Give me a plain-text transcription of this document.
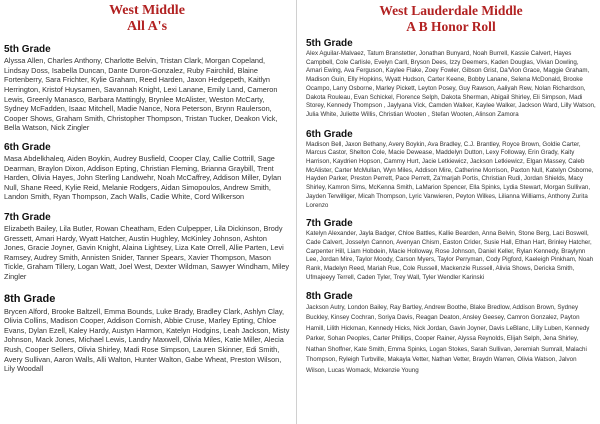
West Middle
All A's

5th Grade

Alyssa Allen, Charles Anthony, Charlotte Belvin, Tristan Clark, Morgan Copeland, Lindsay Doss, Isabella Duncan, Dante Duron-Gonzalez, Ruby Fairchild, Blaine Fortenberry, Sara Frichter, Kylie Graham, Reed Harden, Jaxon Hedgepeth, Kaitlyn Herrington, Kristof Huysamen, Savannah Knight, Lexi Lanane, Emily Land, Cameron Lewis, Greenly Manasco, Barbara Mattingly, Brynlee McAlister, Weston McCarty, Sydney McFadden, Isaac Mitchell, Madie Nance, Nora Peterson, Brynn Raulerson, Cooper Shows, Graham Smith, Christopher Thompson, Tristan Tucker, Deakon Vick, Bella Watson, Nick Zingler

6th Grade

Masa Abdelkhaleq, Aiden Boykin, Audrey Busfield, Cooper Clay, Callie Cottrill, Sage Dearman, Braylon Dixon, Addison Epting, Christian Fleming, Brianna Graybill, Trent Harden, Olivia Hayes, John Sterling Landwehr, Noah McCaffrey, Addison Miller, Dylan Null, Shane Reed, Kylie Reid, Melanie Rodgers, Aidan Simopoulos, Andrew Smith, Landon Smith, Ryan Thompson, Zach Walls, Cadie White, Cord Wilkerson

7th Grade

Elizabeth Bailey, Lila Butler, Rowan Cheatham, Eden Culpepper, Lila Dickinson, Brody Gressett, Amari Hardy, Wyatt Hatcher, Austin Hughley, McKinley Johnson, Ashton Jones, Gracie Joyner, Gavin Knight, Alaina Lightsey, Liza Kate Orrell, Allie Parten, Levi Ramsey, Audrey Smith, Annisten Snider, Tanner Spears, Xavier Thompson, Mason Tickle, Graham Tillery, Logan Watt, Joel West, Dexter Wildman, Sawyer Windham, Miley Zingler

8th Grade

Brycen Alford, Brooke Baltzell, Emma Bounds, Luke Brady, Bradley Clark, Ashlyn Clay, Olivia Collins, Madison Cooper, Addison Cornish, Abbie Cruse, Marley Epting, Chloe Evans, Dylan Ezell, Kaley Hardy, Austyn Harmon, Katelyn Hodgins, Leah Jackson, Misty Johnson, Mack Jones, Michael Lewis, Landry Maxwell, Olivia Miles, Katie Miller, Alecia Rush, Cooper Sellers, Olivia Shirley, Madi Rose Simpson, Lauren Skinner, Edi Smith, Avery Sullivan, Aaron Walls, Alli Walton, Hunter Walton, Gabe Wheat, Preston Wilson, Lily Woodall

West Lauderdale Middle
A B Honor Roll

5th Grade

Alex Aguilar-Malvaez, Tatum Branstetter, Jonathan Bunyard, Noah Burrell, Kassie Calvert, Hayes Campbell, Cole Carlisle, Evelyn Carll, Bryson Dees, Izzy Deemers, Kaden Douglas, Vivian Dowling, Amari Ewing, Ava Ferguson, Kaylee Flake, Zoey Fowler, Gibson Grist, Da'Vion Grace, Maggie Graham, Madison Guin, Elly Hopkins, Wyatt Hudson, Carter Keene, Bobby Lanane, Selena McDonald, Brooke Ocampo, Larry Osborne, Marley Pickett, Leyton Posey, Guy Rawson, Aaliyah Rew, Nolan Richardson, Dakota Rouleau, Evan Schickel, Florence Selph, Dakota Sherman, Abigail Shirley, Eli Simpson, Madi Storey, Kennedy Thompson , Jaylyana Vick, Camden Walker, Kaylee Walker, Jackson Ward, Lilly Watson, Julia White, Juliette Willis, Christian Wooten , Stefan Wooten, Alinson Zamora

6th Grade

Madison Bell, Jaxon Bethany, Avery Boykin, Ava Bradley, C.J. Brantley, Royce Brown, Goldie Carter, Marcus Castor, Shelton Cole, Macie Dewease, Maddelyn Dutton, Lexy Followay, Erin Grady, Kaity Harrison, Kaydrien Hopson, Cammy Hurt, Jacie Letkiewicz, Jackson Letkiewicz, Elgan Massey, Caleb McAlister, Carter McMullan, Wyn Miles, Addison Mire, Catherine Morrison, Paxton Null, Katelyn Osborne, Hayden Parker, Preston Perrett, Pace Perrett, Za'marjah Portis, Christian Rudi, Jordan Shields, Macy Shirley, Kamron Sims, McKenna Smith, LaMarion Spencer, Ella Spinks, Lydia Stewart, Morgan Sullivan, Jayden Terwilliger, Micah Thompson, Lyric Vanwieren, Peyton Wilkes, Lilianna Williams, Anthony Zurita Lorenzo

7th Grade

Katelyn Alexander, Jayla Badger, Chloe Battles, Kallie Bearden, Anna Belvin, Stone Berg, Laci Boswell, Cade Calvert, Josselyn Cannon, Avenyan Chism, Easton Crider, Susie Hall, Ethan Hart, Brinley Hatcher, Carpenter Hill, Liam Hobdein, Macie Holloway, Rose Johnson, Daniel Keller, Rylan Kennedy, Braylynn Lee, Jordan Mire, Taylor Moody, Carson Myers, Taylor Perryman, Cody Pigford, Kaeleigh Pinkham, Noah Rank, Madelyn Reed, Mariah Rue, Cole Russell, Mackenzie Russell, Alivia Shows, Dericka Smith, Ufmajeeyy Terrell, Caden Tyler, Trey Wall, Tyler Wendler Karinski

8th Grade

Jackson Autry, London Bailey, Ray Bartley, Andrew Boothe, Blake Bredlow, Addison Brown, Sydney Buckley, Kinsey Cochran, Soriya Davis, Reagan Deaton, Ansley Geesey, Camron Gonzalez, Payton Hamill, Lilith Hickman, Kennedy Hicks, Nick Jordan, Gavin Joyner, Davis LeBlanc, Lilly Luben, Kennedy Parker, Sohan Peoples, Carter Phillips, Cooper Rainer, Alyssa Reynolds, Elijah Selph, Jena Shirley, Nathan Shoffner, Kate Smith, Emma Spinks, Logan Stokes, Sarah Sullivan, Jeremiah Sumrall, Malachi Thompson, Ryleigh Turbville, Makayla Vetter, Nathan Vetter, Braydn Warren, Olivia Watson, Jalvon Wilson, Lucas Womack, Mckenzie Young
